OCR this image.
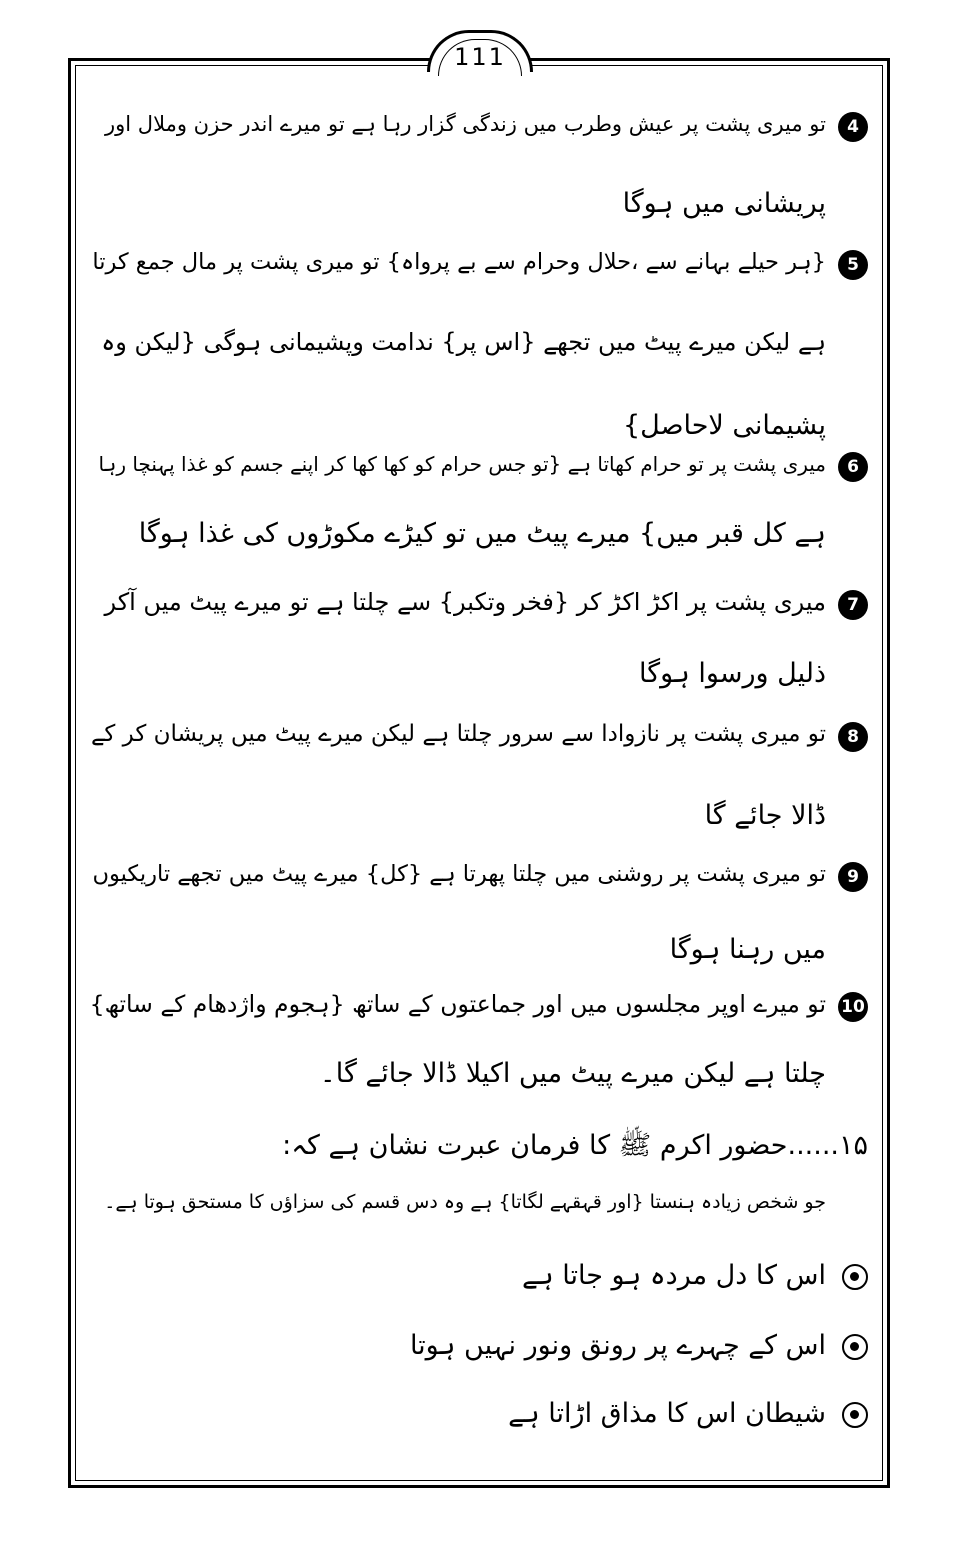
111
4
تو میری پشت پر عیش وطرب میں زندگی گزار رہا ہے تو میرے اندر حزن وملال اور
پریشانی میں ہوگا
5
{ہر حیلے بہانے سے ،حلال وحرام سے بے پرواہ} تو میری پشت پر مال جمع کرتا
ہے لیکن میرے پیٹ میں تجھے {اس پر} ندامت وپشیمانی ہوگی {لیکن وہ
پشیمانی لاحاصل}
6
میری پشت پر تو حرام کھاتا ہے {تو جس حرام کو کھا کھا کر اپنے جسم کو غذا پہنچا رہا
ہے کل قبر میں} میرے پیٹ میں تو کیڑے مکوڑوں کی غذا ہوگا
7
میری پشت پر اکڑ اکڑ کر {فخر وتکبر} سے چلتا ہے تو میرے پیٹ میں آکر
ذلیل ورسوا ہوگا
8
تو میری پشت پر نازوادا سے سرور چلتا ہے لیکن میرے پیٹ میں پریشان کر کے
ڈالا جائے گا
9
تو میری پشت پر روشنی میں چلتا پھرتا ہے {کل} میرے پیٹ میں تجھے تاریکیوں
میں رہنا ہوگا
10
تو میرے اوپر مجلسوں میں اور جماعتوں کے ساتھ {ہجوم واژدھام کے ساتھ}
چلتا ہے لیکن میرے پیٹ میں اکیلا ڈالا جائے گا۔
۱۵......حضور اکرم ﷺ کا فرمان عبرت نشان ہے کہ:
جو شخص زیادہ ہنستا {اور قہقہے لگاتا} ہے وہ دس قسم کی سزاؤں کا مستحق ہوتا ہے۔
اس کا دل مردہ ہو جاتا ہے
اس کے چہرے پر رونق ونور نہیں ہوتا
شیطان اس کا مذاق اڑاتا ہے
